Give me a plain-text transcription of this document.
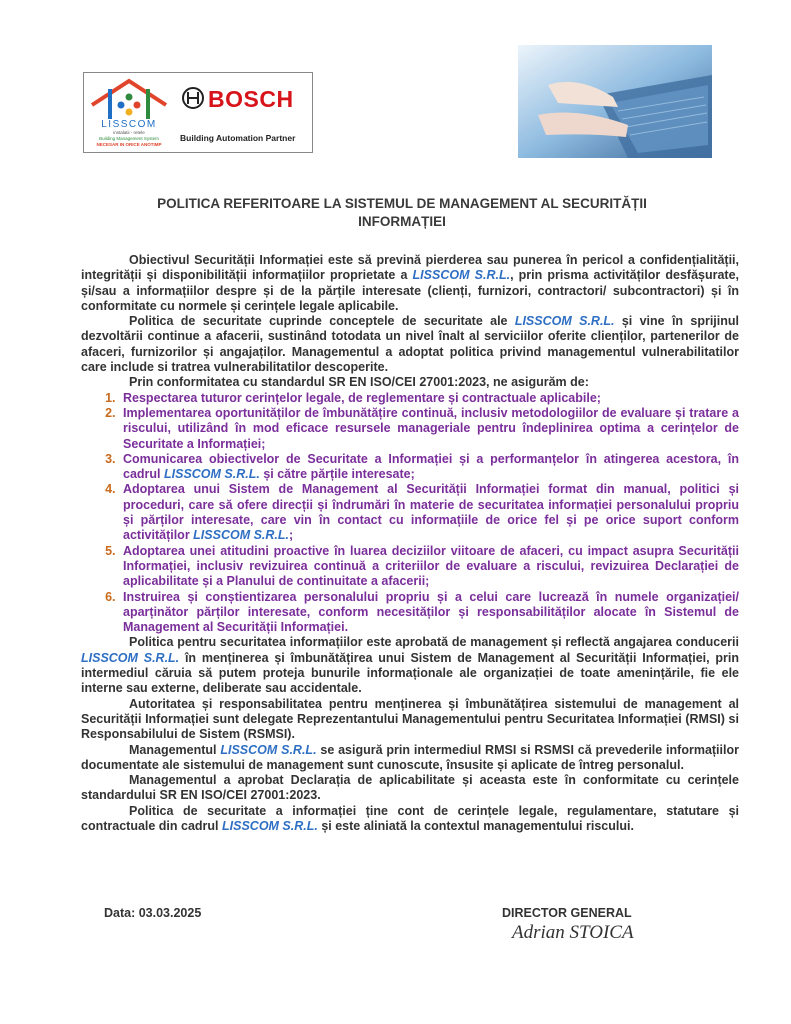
LISSCOM
instalatii - retele
Building Management System
NECESAR IN ORICE ANOTIMP
BOSCH
Building Automation Partner
POLITICA REFERITOARE LA SISTEMUL DE MANAGEMENT AL SECURITĂȚII INFORMAȚIEI

Obiectivul Securității Informației este să prevină pierderea sau punerea în pericol a confidențialității, integrității și disponibilității informațiilor proprietate a LISSCOM S.R.L., prin prisma activităților desfășurate, și/sau a informațiilor despre și de la părțile interesate (clienți, furnizori, contractori/ subcontractori) și în conformitate cu normele și cerințele legale aplicabile.

Politica de securitate cuprinde conceptele de securitate ale LISSCOM S.R.L. și vine în sprijinul dezvoltării continue a afacerii, sustinând totodata un nivel înalt al serviciilor oferite clienților, partenerilor de afaceri, furnizorilor și angajaților. Managementul a adoptat politica privind managementul vulnerabilitatilor care include si tratrea vulnerabilitatilor descoperite.

Prin conformitatea cu standardul SR EN ISO/CEI 27001:2023, ne asigurăm de:

1. Respectarea tuturor cerințelor legale, de reglementare și contractuale aplicabile;
2. Implementarea oportunităților de îmbunătățire continuă, inclusiv metodologiilor de evaluare și tratare a riscului, utilizând în mod eficace resursele manageriale pentru îndeplinirea optima a cerințelor de Securitate a Informației;
3. Comunicarea obiectivelor de Securitate a Informației și a performanțelor în atingerea acestora, în cadrul LISSCOM S.R.L. și către părțile interesate;
4. Adoptarea unui Sistem de Management al Securității Informației format din manual, politici și proceduri, care să ofere direcții și îndrumări în materie de securitatea informației personalului propriu și părților interesate, care vin în contact cu informațiile de orice fel și pe orice suport conform activităților LISSCOM S.R.L.;
5. Adoptarea unei atitudini proactive în luarea deciziilor viitoare de afaceri, cu impact asupra Securității Informației, inclusiv revizuirea continuă a criteriilor de evaluare a riscului, revizuirea Declarației de aplicabilitate și a Planului de continuitate a afacerii;
6. Instruirea și conștientizarea personalului propriu și a celui care lucrează în numele organizației/ aparținător părților interesate, conform necesităților și responsabilităților alocate în Sistemul de Management al Securității Informației.

Politica pentru securitatea informațiilor este aprobată de management și reflectă angajarea conducerii LISSCOM S.R.L. în menținerea și îmbunătățirea unui Sistem de Management al Securității Informației, prin intermediul căruia să putem proteja bunurile informaționale ale organizației de toate amenințările, fie ele interne sau externe, deliberate sau accidentale.

Autoritatea și responsabilitatea pentru menținerea și îmbunătățirea sistemului de management al Securității Informației sunt delegate Reprezentantului Managementului pentru Securitatea Informației (RMSI) si Responsabilului de Sistem (RSMSI).

Managementul LISSCOM S.R.L. se asigură prin intermediul RMSI si RSMSI că prevederile informațiilor documentate ale sistemului de management sunt cunoscute, însusite și aplicate de întreg personalul.

Managementul a aprobat Declarația de aplicabilitate și aceasta este în conformitate cu cerințele standardului SR EN ISO/CEI 27001:2023.

Politica de securitate a informației ține cont de cerințele legale, regulamentare, statutare și contractuale din cadrul LISSCOM S.R.L. și este aliniată la contextul managementului riscului.

Data: 03.03.2025	DIRECTOR GENERAL
Adrian STOICA
